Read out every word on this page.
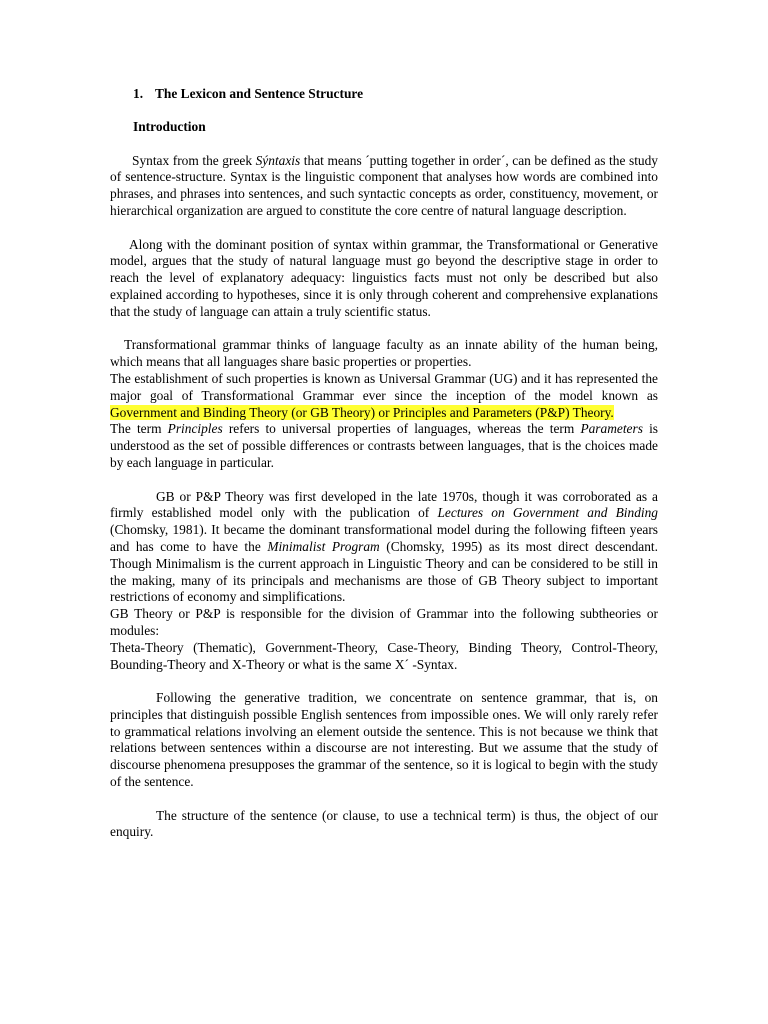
1. The Lexicon and Sentence Structure
Introduction

Syntax from the greek Sýntaxis that means ´putting together in order´, can be defined as the study of sentence-structure. Syntax is the linguistic component that analyses how words are combined into phrases, and phrases into sentences, and such syntactic concepts as order, constituency, movement, or hierarchical organization are argued to constitute the core centre of natural language description.

Along with the dominant position of syntax within grammar, the Transformational or Generative model, argues that the study of natural language must go beyond the descriptive stage in order to reach the level of explanatory adequacy: linguistics facts must not only be described but also explained according to hypotheses, since it is only through coherent and comprehensive explanations that the study of language can attain a truly scientific status.

Transformational grammar thinks of language faculty as an innate ability of the human being, which means that all languages share basic properties or properties.

The establishment of such properties is known as Universal Grammar (UG) and it has represented the major goal of Transformational Grammar ever since the inception of the model known as Government and Binding Theory (or GB Theory) or Principles and Parameters (P&P) Theory.

The term Principles refers to universal properties of languages, whereas the term Parameters is understood as the set of possible differences or contrasts between languages, that is the choices made by each language in particular.

GB or P&P Theory was first developed in the late 1970s, though it was corroborated as a firmly established model only with the publication of Lectures on Government and Binding (Chomsky, 1981). It became the dominant transformational model during the following fifteen years and has come to have the Minimalist Program (Chomsky, 1995) as its most direct descendant. Though Minimalism is the current approach in Linguistic Theory and can be considered to be still in the making, many of its principals and mechanisms are those of GB Theory subject to important restrictions of economy and simplifications.

GB Theory or P&P is responsible for the division of Grammar into the following subtheories or modules:

Theta-Theory (Thematic), Government-Theory, Case-Theory, Binding Theory, Control-Theory, Bounding-Theory and X-Theory or what is the same X´ -Syntax.

Following the generative tradition, we concentrate on sentence grammar, that is, on principles that distinguish possible English sentences from impossible ones. We will only rarely refer to grammatical relations involving an element outside the sentence. This is not because we think that relations between sentences within a discourse are not interesting. But we assume that the study of discourse phenomena presupposes the grammar of the sentence, so it is logical to begin with the study of the sentence.

The structure of the sentence (or clause, to use a technical term) is thus, the object of our enquiry.
